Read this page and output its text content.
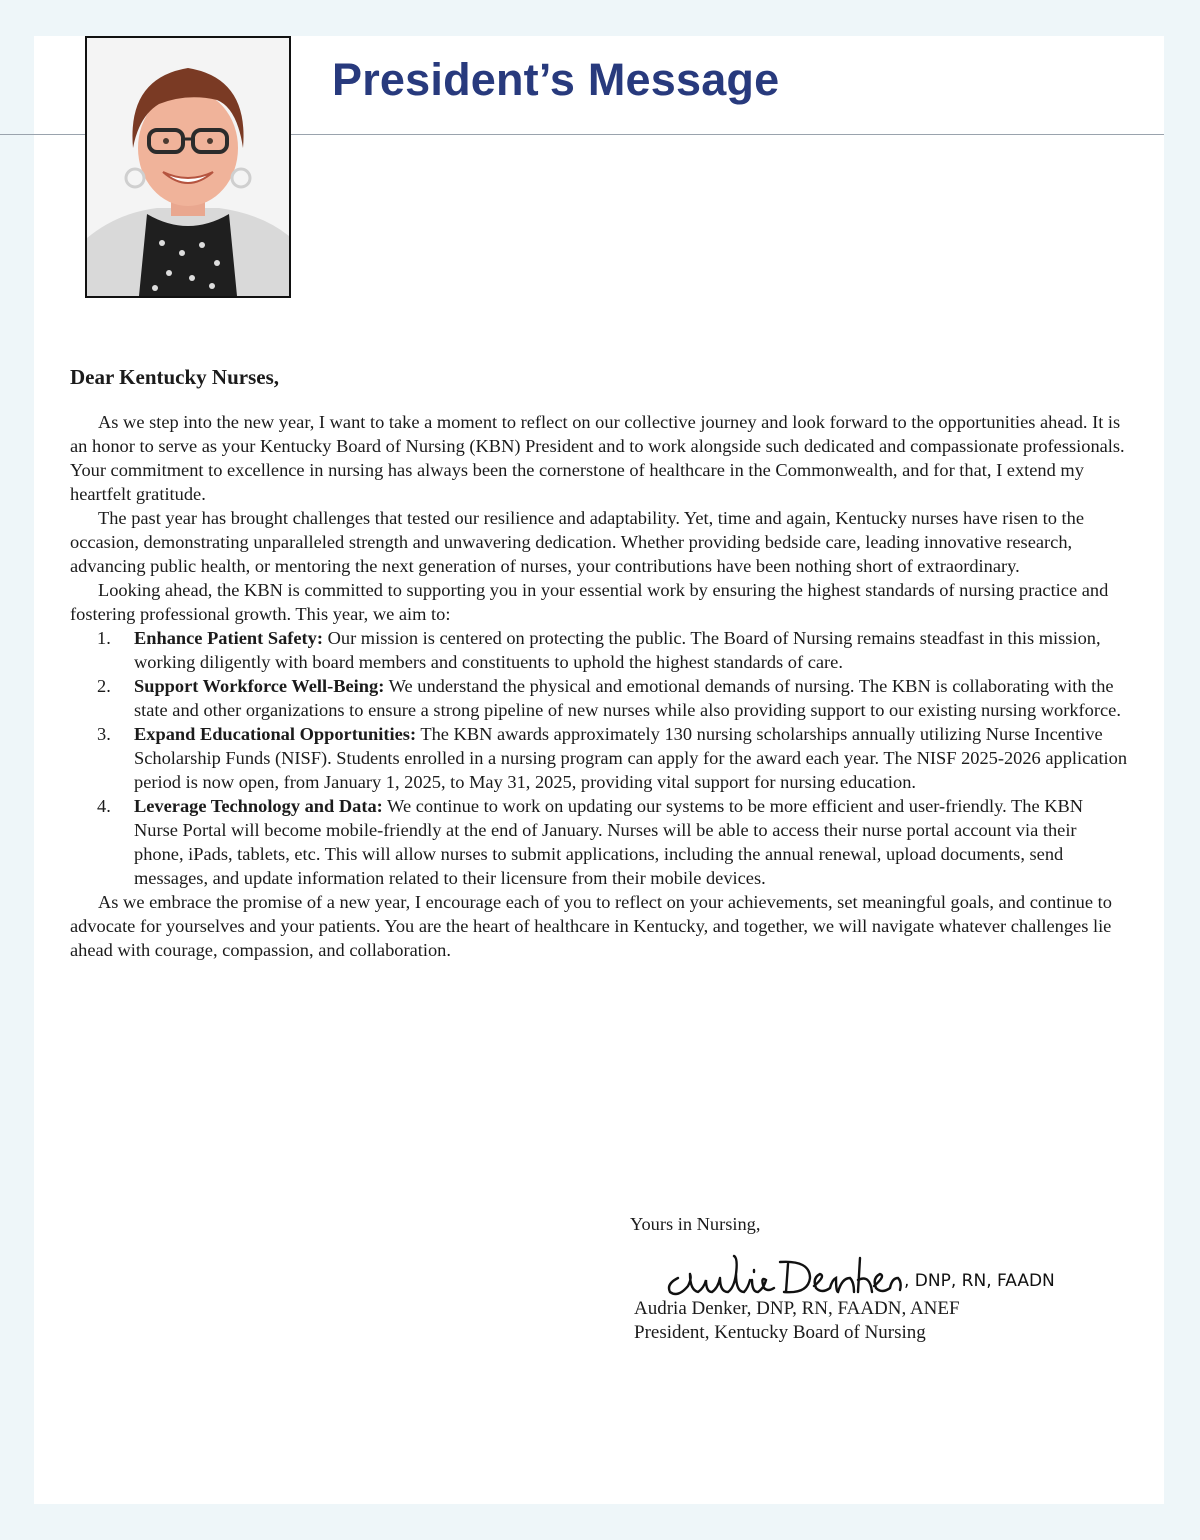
President’s Message

Dear Kentucky Nurses,

As we step into the new year, I want to take a moment to reflect on our collective journey and look forward to the opportunities ahead. It is an honor to serve as your Kentucky Board of Nursing (KBN) President and to work alongside such dedicated and compassionate professionals. Your commitment to excellence in nursing has always been the cornerstone of healthcare in the Commonwealth, and for that, I extend my heartfelt gratitude.

The past year has brought challenges that tested our resilience and adaptability. Yet, time and again, Kentucky nurses have risen to the occasion, demonstrating unparalleled strength and unwavering dedication. Whether providing bedside care, leading innovative research, advancing public health, or mentoring the next generation of nurses, your contributions have been nothing short of extraordinary.

Looking ahead, the KBN is committed to supporting you in your essential work by ensuring the highest standards of nursing practice and fostering professional growth. This year, we aim to:

1. Enhance Patient Safety: Our mission is centered on protecting the public. The Board of Nursing remains steadfast in this mission, working diligently with board members and constituents to uphold the highest standards of care.
2. Support Workforce Well-Being: We understand the physical and emotional demands of nursing. The KBN is collaborating with the state and other organizations to ensure a strong pipeline of new nurses while also providing support to our existing nursing workforce.
3. Expand Educational Opportunities: The KBN awards approximately 130 nursing scholarships annually utilizing Nurse Incentive Scholarship Funds (NISF). Students enrolled in a nursing program can apply for the award each year. The NISF 2025-2026 application period is now open, from January 1, 2025, to May 31, 2025, providing vital support for nursing education.
4. Leverage Technology and Data: We continue to work on updating our systems to be more efficient and user-friendly. The KBN Nurse Portal will become mobile-friendly at the end of January. Nurses will be able to access their nurse portal account via their phone, iPads, tablets, etc. This will allow nurses to submit applications, including the annual renewal, upload documents, send messages, and update information related to their licensure from their mobile devices.

As we embrace the promise of a new year, I encourage each of you to reflect on your achievements, set meaningful goals, and continue to advocate for yourselves and your patients. You are the heart of healthcare in Kentucky, and together, we will navigate whatever challenges lie ahead with courage, compassion, and collaboration.

Yours in Nursing,
, DNP, RN, FAADN
Audria Denker, DNP, RN, FAADN, ANEF
President, Kentucky Board of Nursing
